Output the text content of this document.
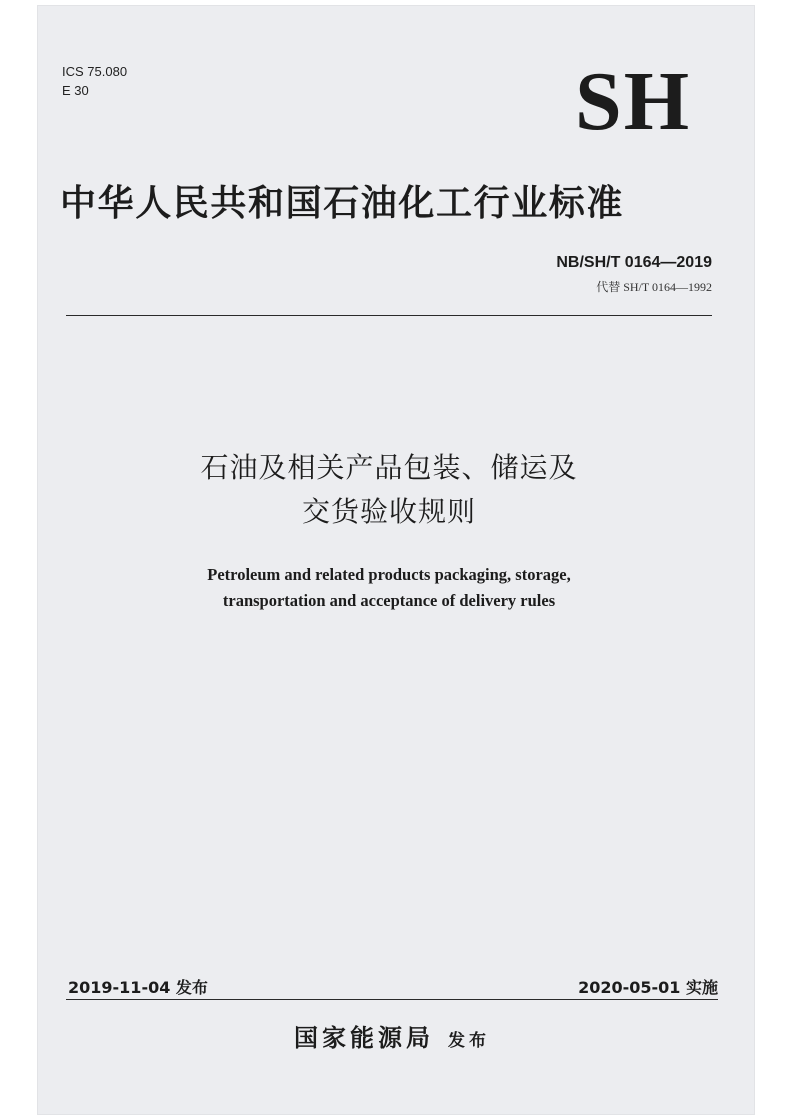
ICS 75.080
E 30	SH
中华人民共和国石油化工行业标准
NB/SH/T 0164—2019
代替 SH/T 0164—1992
石油及相关产品包装、储运及
交货验收规则
Petroleum and related products packaging, storage,
transportation and acceptance of delivery rules
2019-11-04 发布	2020-05-01 实施
国家能源局 发布
